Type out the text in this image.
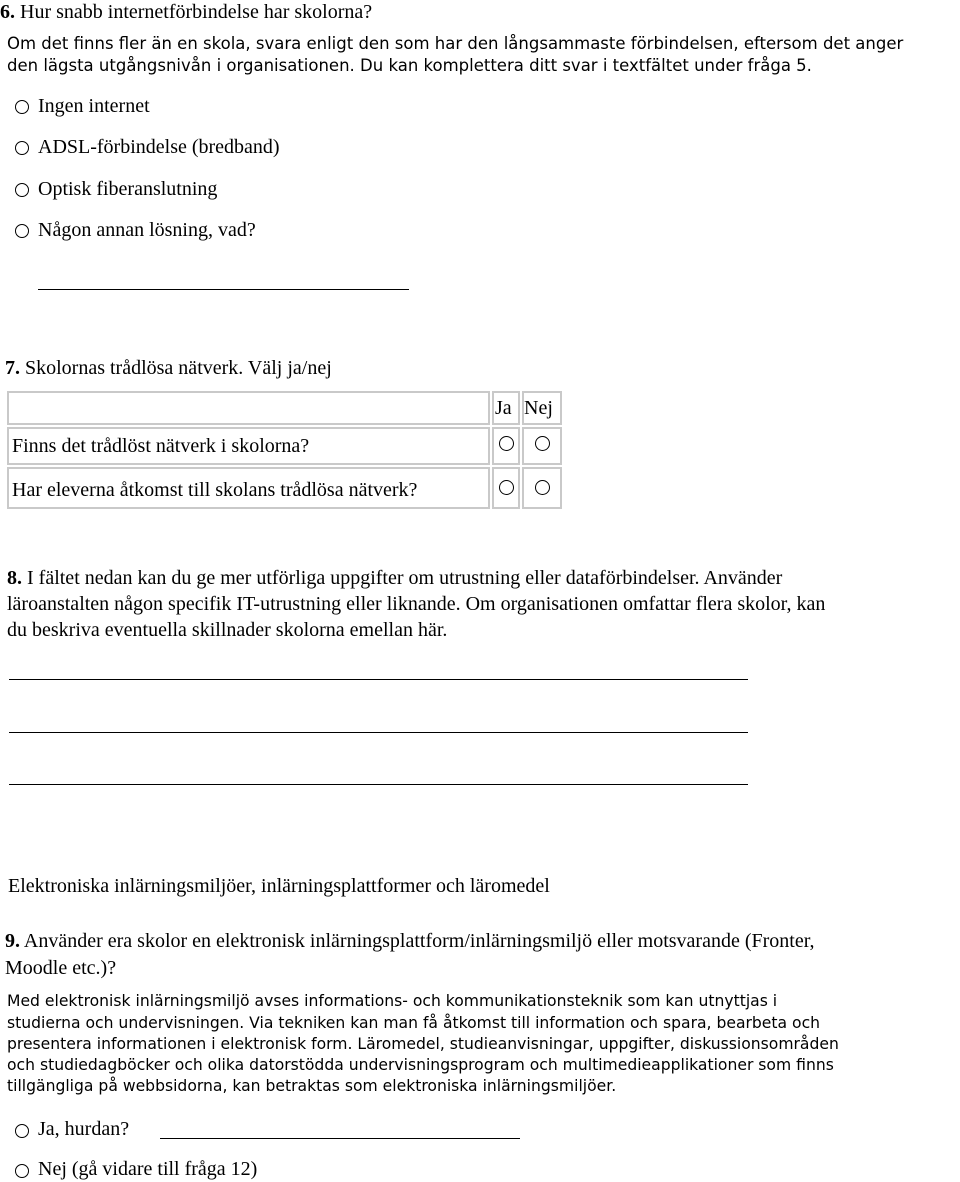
6. Hur snabb internetförbindelse har skolorna?
Om det finns fler än en skola, svara enligt den som har den långsammaste förbindelsen, eftersom det anger
den lägsta utgångsnivån i organisationen. Du kan komplettera ditt svar i textfältet under fråga 5.
Ingen internet
ADSL-förbindelse (bredband)
Optisk fiberanslutning
Någon annan lösning, vad?
7. Skolornas trådlösa nätverk. Välj ja/nej
Ja Nej
Finns det trådlöst nätverk i skolorna?
Har eleverna åtkomst till skolans trådlösa nätverk?
8. I fältet nedan kan du ge mer utförliga uppgifter om utrustning eller dataförbindelser. Använder
läroanstalten någon specifik IT-utrustning eller liknande. Om organisationen omfattar flera skolor, kan
du beskriva eventuella skillnader skolorna emellan här.
Elektroniska inlärningsmiljöer, inlärningsplattformer och läromedel
9. Använder era skolor en elektronisk inlärningsplattform/inlärningsmiljö eller motsvarande (Fronter,
Moodle etc.)?
Med elektronisk inlärningsmiljö avses informations- och kommunikationsteknik som kan utnyttjas i
studierna och undervisningen. Via tekniken kan man få åtkomst till information och spara, bearbeta och
presentera informationen i elektronisk form. Läromedel, studieanvisningar, uppgifter, diskussionsområden
och studiedagböcker och olika datorstödda undervisningsprogram och multimedieapplikationer som finns
tillgängliga på webbsidorna, kan betraktas som elektroniska inlärningsmiljöer.
Ja, hurdan?
Nej (gå vidare till fråga 12)
